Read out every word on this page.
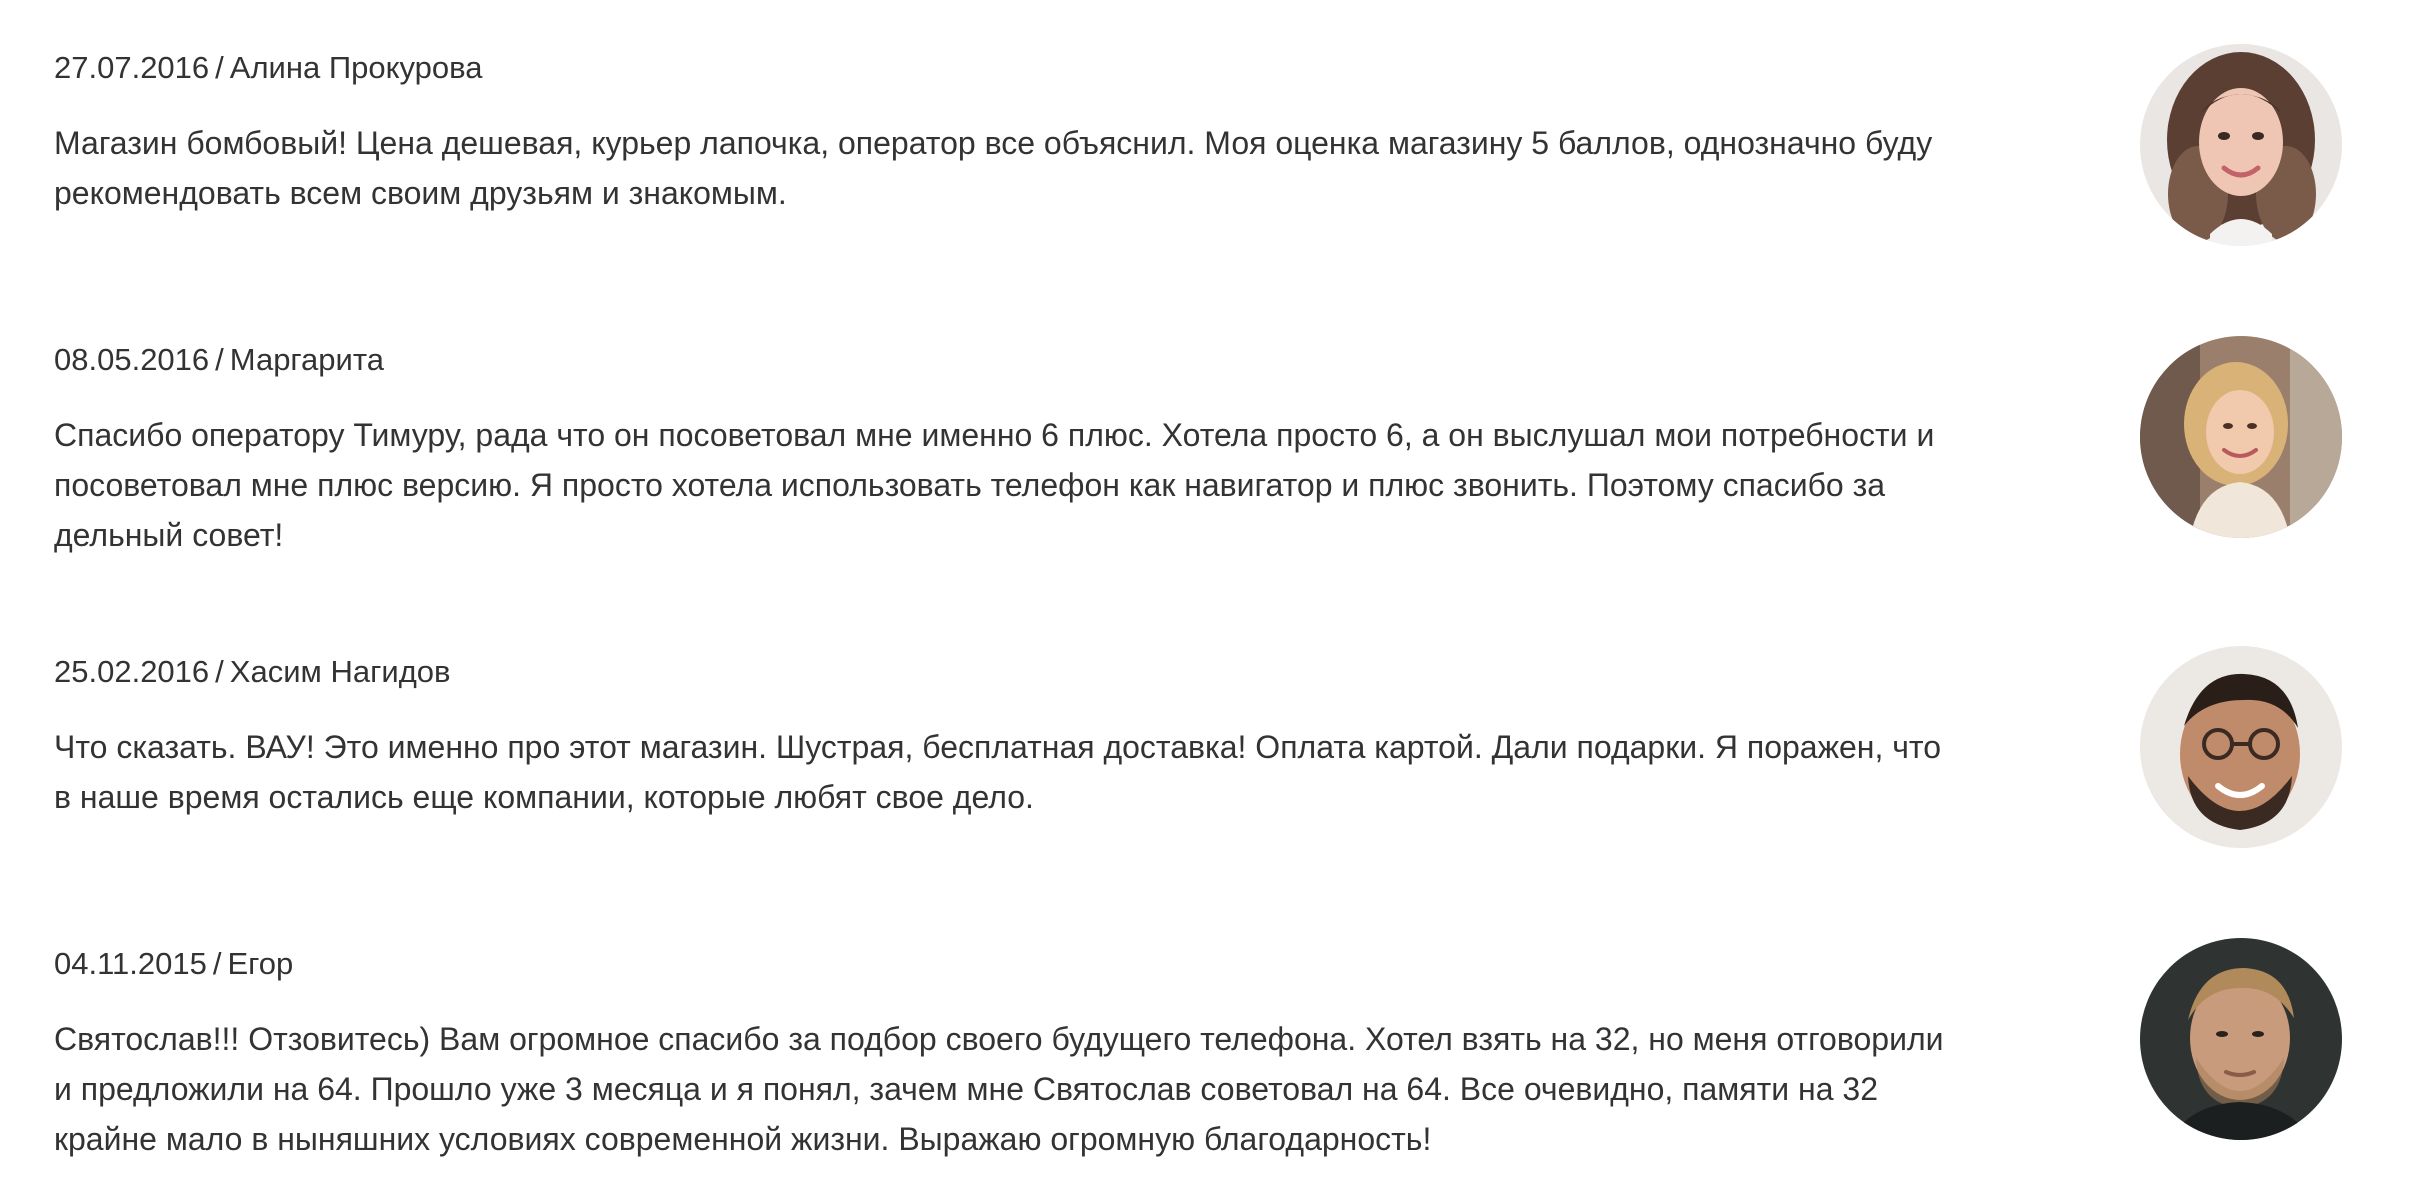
27.07.2016 / Алина Прокурова
Магазин бомбовый! Цена дешевая, курьер лапочка, оператор все объяснил. Моя оценка магазину 5 баллов, однозначно буду рекомендовать всем своим друзьям и знакомым.
08.05.2016 / Маргарита
Спасибо оператору Тимуру, рада что он посоветовал мне именно 6 плюс. Хотела просто 6, а он выслушал мои потребности и посоветовал мне плюс версию. Я просто хотела использовать телефон как навигатор и плюс звонить. Поэтому спасибо за дельный совет!
25.02.2016 / Хасим Нагидов
Что сказать. ВАУ! Это именно про этот магазин. Шустрая, бесплатная доставка! Оплата картой. Дали подарки. Я поражен, что в наше время остались еще компании, которые любят свое дело.
04.11.2015 / Егор
Святослав!!! Отзовитесь) Вам огромное спасибо за подбор своего будущего телефона. Хотел взять на 32, но меня отговорили и предложили на 64. Прошло уже 3 месяца и я понял, зачем мне Святослав советовал на 64. Все очевидно, памяти на 32 крайне мало в ныняшних условиях современной жизни. Выражаю огромную благодарность!
